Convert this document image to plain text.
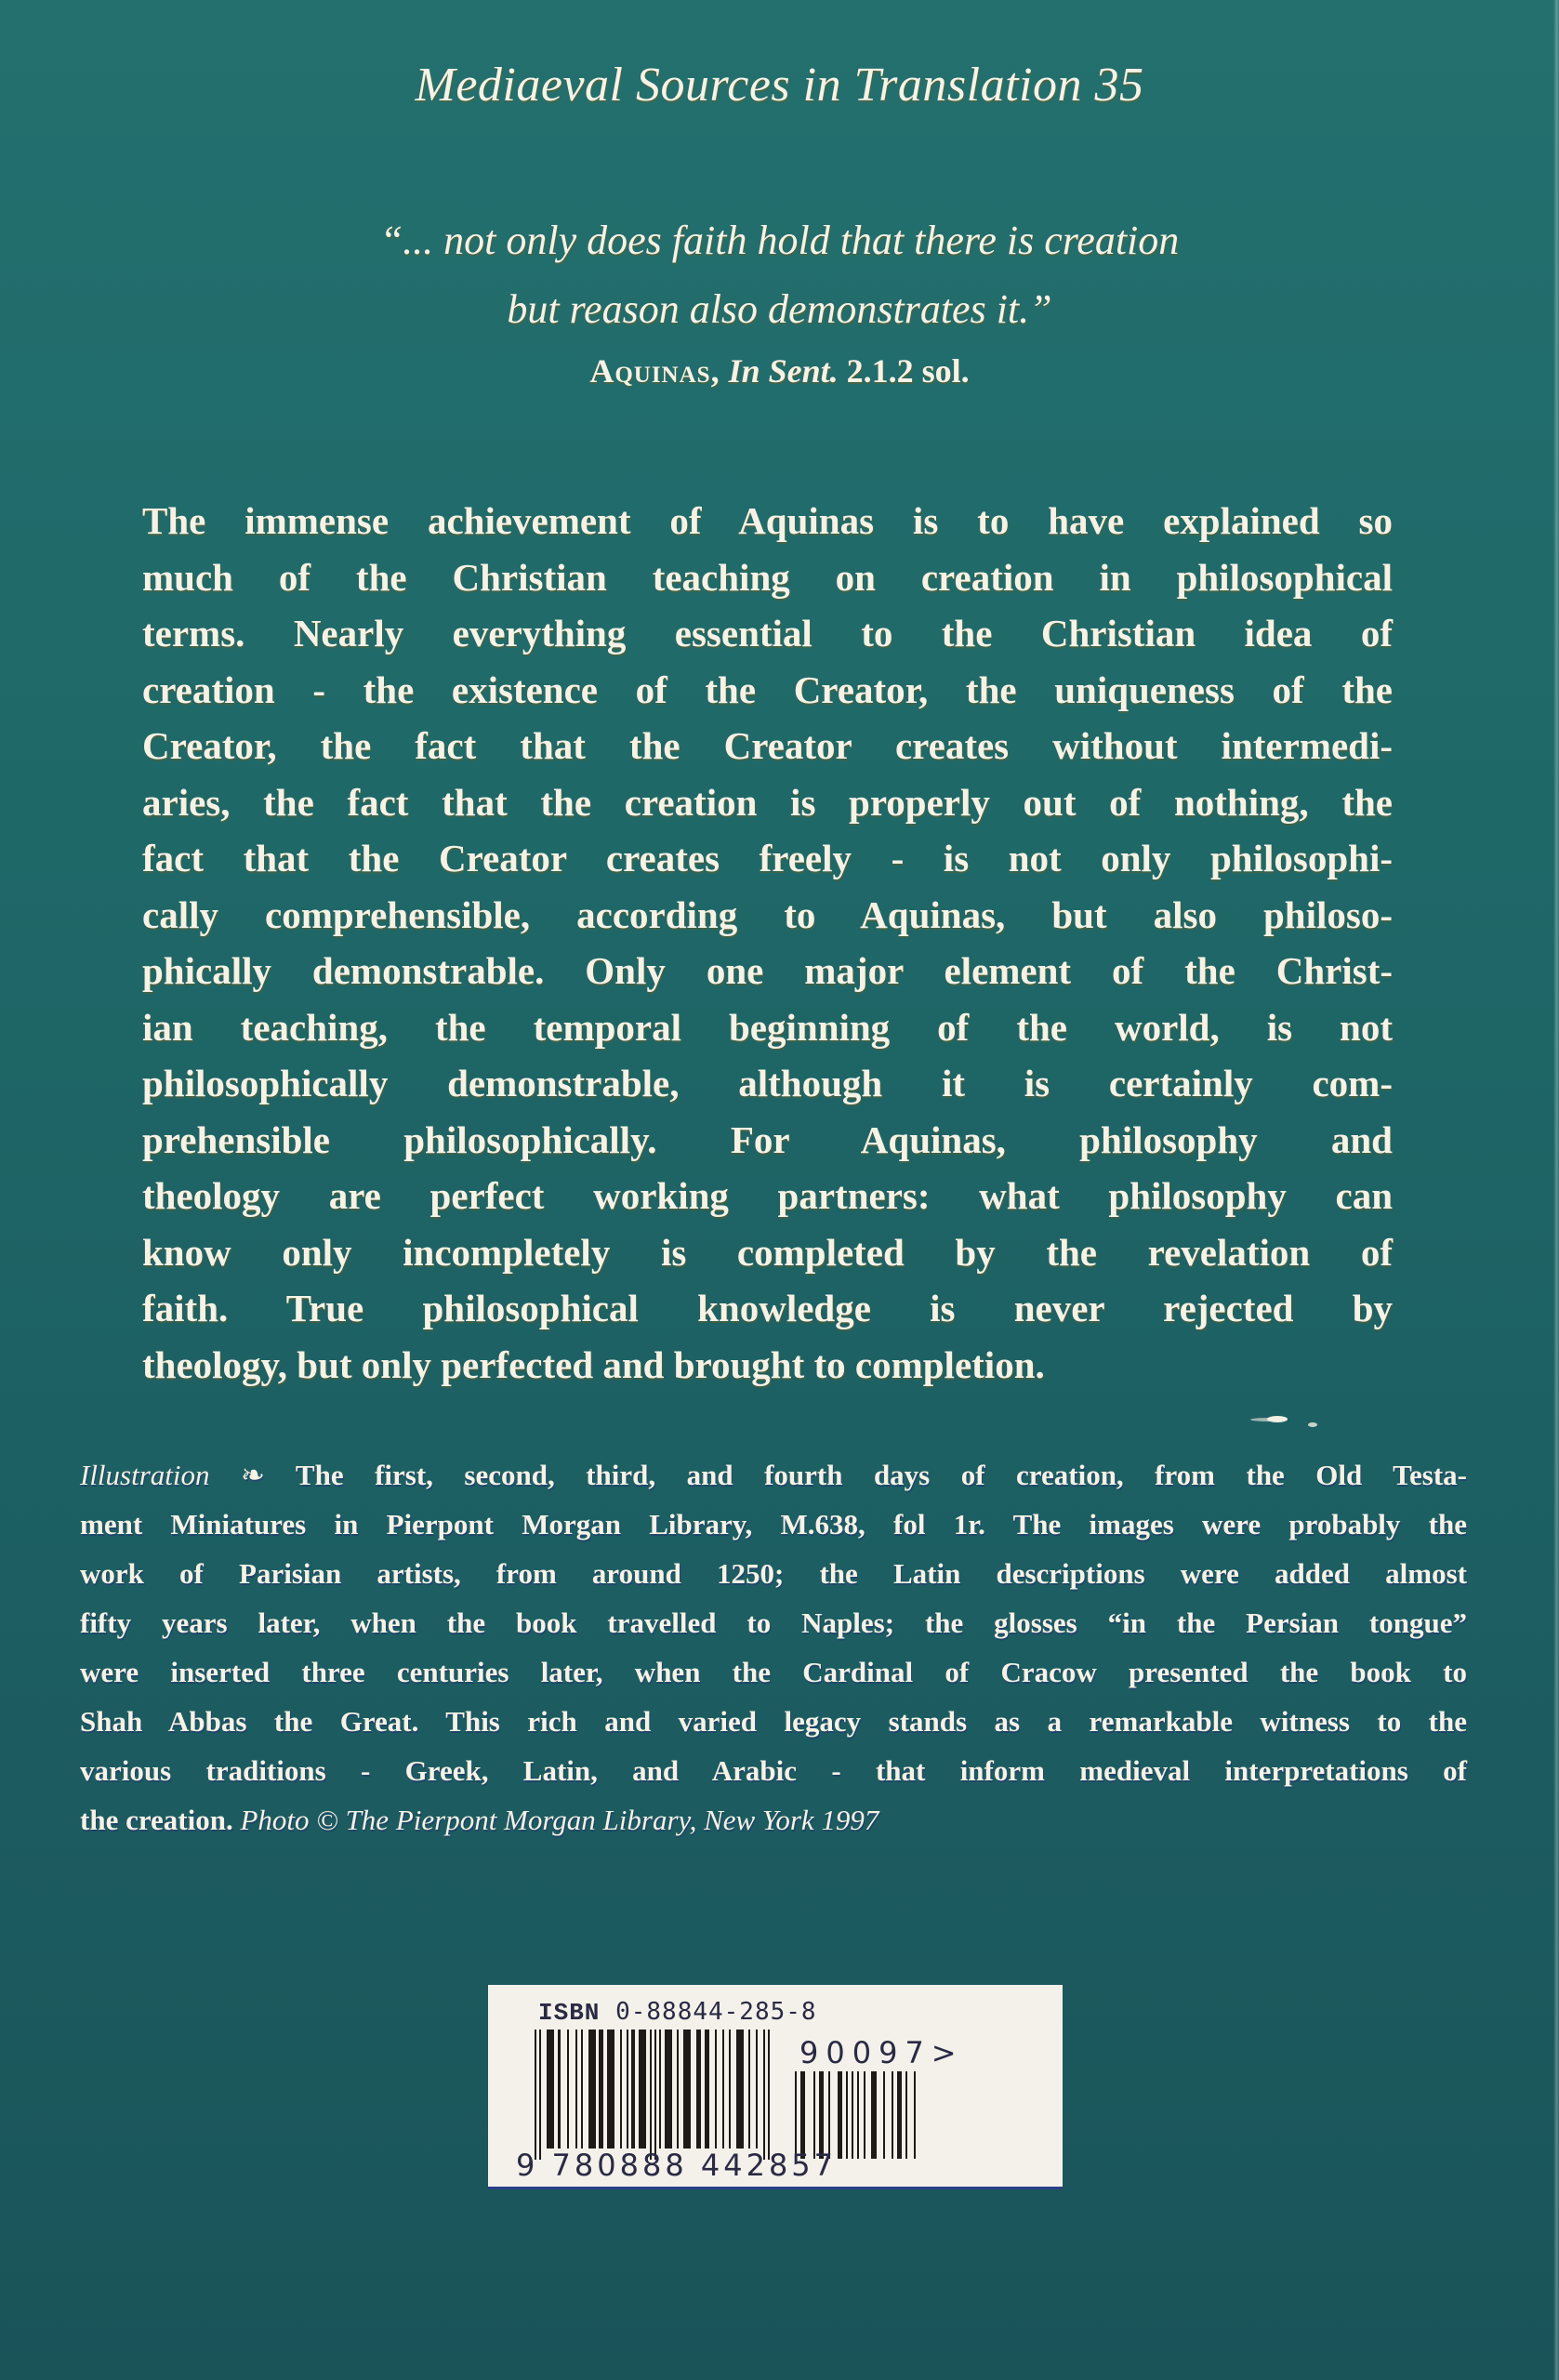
Mediaeval Sources in Translation 35
“... not only does faith hold that there is creation
but reason also demonstrates it.”
Aquinas, In Sent. 2.1.2 sol.
The immense achievement of Aquinas is to have explained so
much of the Christian teaching on creation in philosophical
terms. Nearly everything essential to the Christian idea of
creation - the existence of the Creator, the uniqueness of the
Creator, the fact that the Creator creates without intermedi-
aries, the fact that the creation is properly out of nothing, the
fact that the Creator creates freely - is not only philosophi-
cally comprehensible, according to Aquinas, but also philoso-
phically demonstrable. Only one major element of the Christ-
ian teaching, the temporal beginning of the world, is not
philosophically demonstrable, although it is certainly com-
prehensible philosophically. For Aquinas, philosophy and
theology are perfect working partners: what philosophy can
know only incompletely is completed by the revelation of
faith. True philosophical knowledge is never rejected by
theology, but only perfected and brought to completion.
Illustration ❧ The first, second, third, and fourth days of creation, from the Old Testa-
ment Miniatures in Pierpont Morgan Library, M.638, fol 1r. The images were probably the
work of Parisian artists, from around 1250; the Latin descriptions were added almost
fifty years later, when the book travelled to Naples; the glosses “in the Persian tongue”
were inserted three centuries later, when the Cardinal of Cracow presented the book to
Shah Abbas the Great. This rich and varied legacy stands as a remarkable witness to the
various traditions - Greek, Latin, and Arabic - that inform medieval interpretations of
the creation. Photo © The Pierpont Morgan Library, New York 1997
ISBN 0-88844-285-8
90097>
9 780888 442857
